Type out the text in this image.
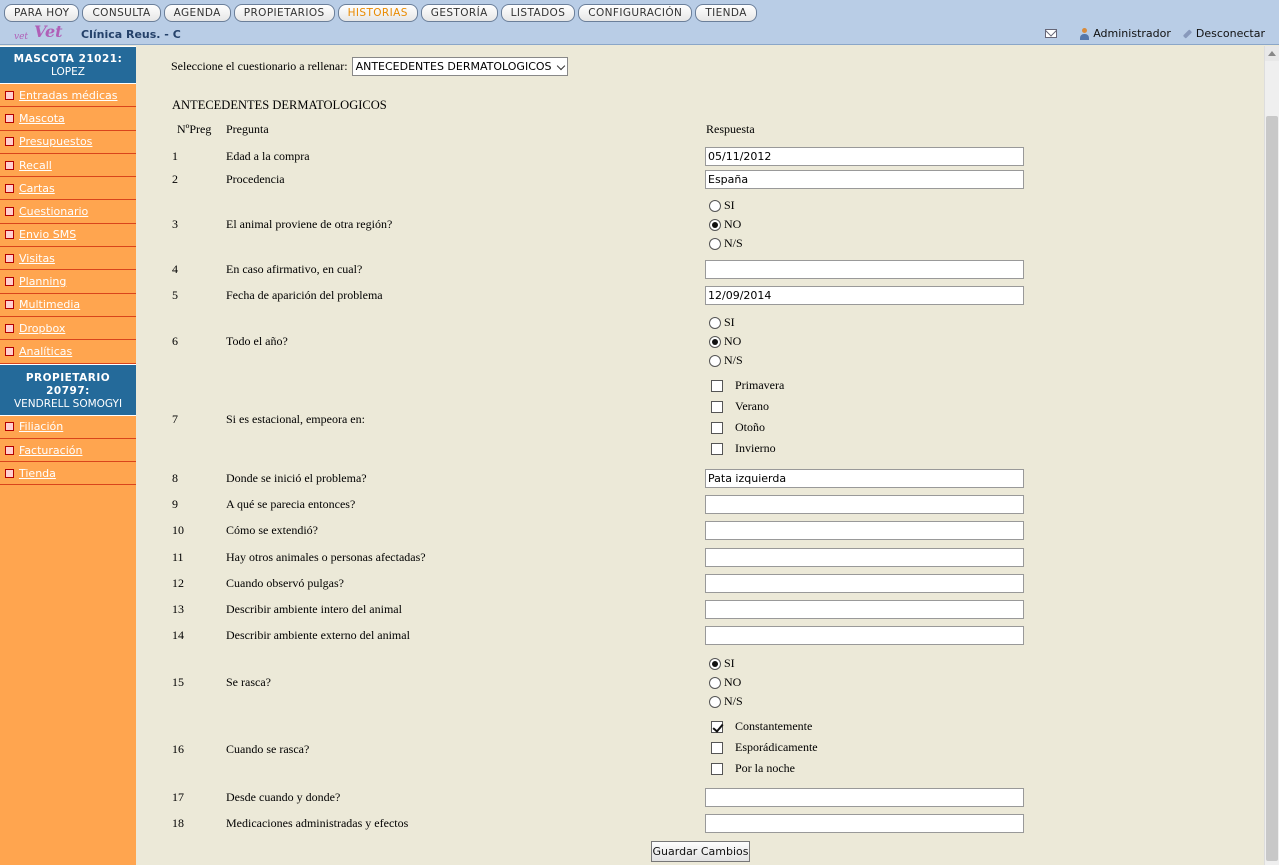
PARA HOY	CONSULTA	AGENDA	PROPIETARIOS	HISTORIAS	GESTORÍA	LISTADOS	CONFIGURACIÓN	TIENDA
vet Vet Clínica Reus. - C	Administrador Desconectar
MASCOTA 21021:
LOPEZ
Entradas médicas
Mascota
Presupuestos
Recall
Cartas
Cuestionario
Envio SMS
Visitas
Planning
Multimedia
Dropbox
Analíticas
PROPIETARIO 20797:
VENDRELL SOMOGYI
Filiación
Facturación
Tienda
Seleccione el cuestionario a rellenar: ANTECEDENTES DERMATOLOGICOS
ANTECEDENTES DERMATOLOGICOS
NºPreg Pregunta	Respuesta
1	Edad a la compra	05/11/2012
2	Procedencia	España
3	El animal proviene de otra región?
SI
NO
N/S
4	En caso afirmativo, en cual?
5	Fecha de aparición del problema	12/09/2014
6	Todo el año?
SI
NO
N/S
7	Si es estacional, empeora en:
Primavera
Verano
Otoño
Invierno
8	Donde se inició el problema?	Pata izquierda
9	A qué se parecia entonces?
10	Cómo se extendió?
11	Hay otros animales o personas afectadas?
12	Cuando observó pulgas?
13	Describir ambiente intero del animal
14	Describir ambiente externo del animal
15	Se rasca?
SI
NO
N/S
16	Cuando se rasca?
Constantemente
Esporádicamente
Por la noche
17	Desde cuando y donde?
18	Medicaciones administradas y efectos
Guardar Cambios
